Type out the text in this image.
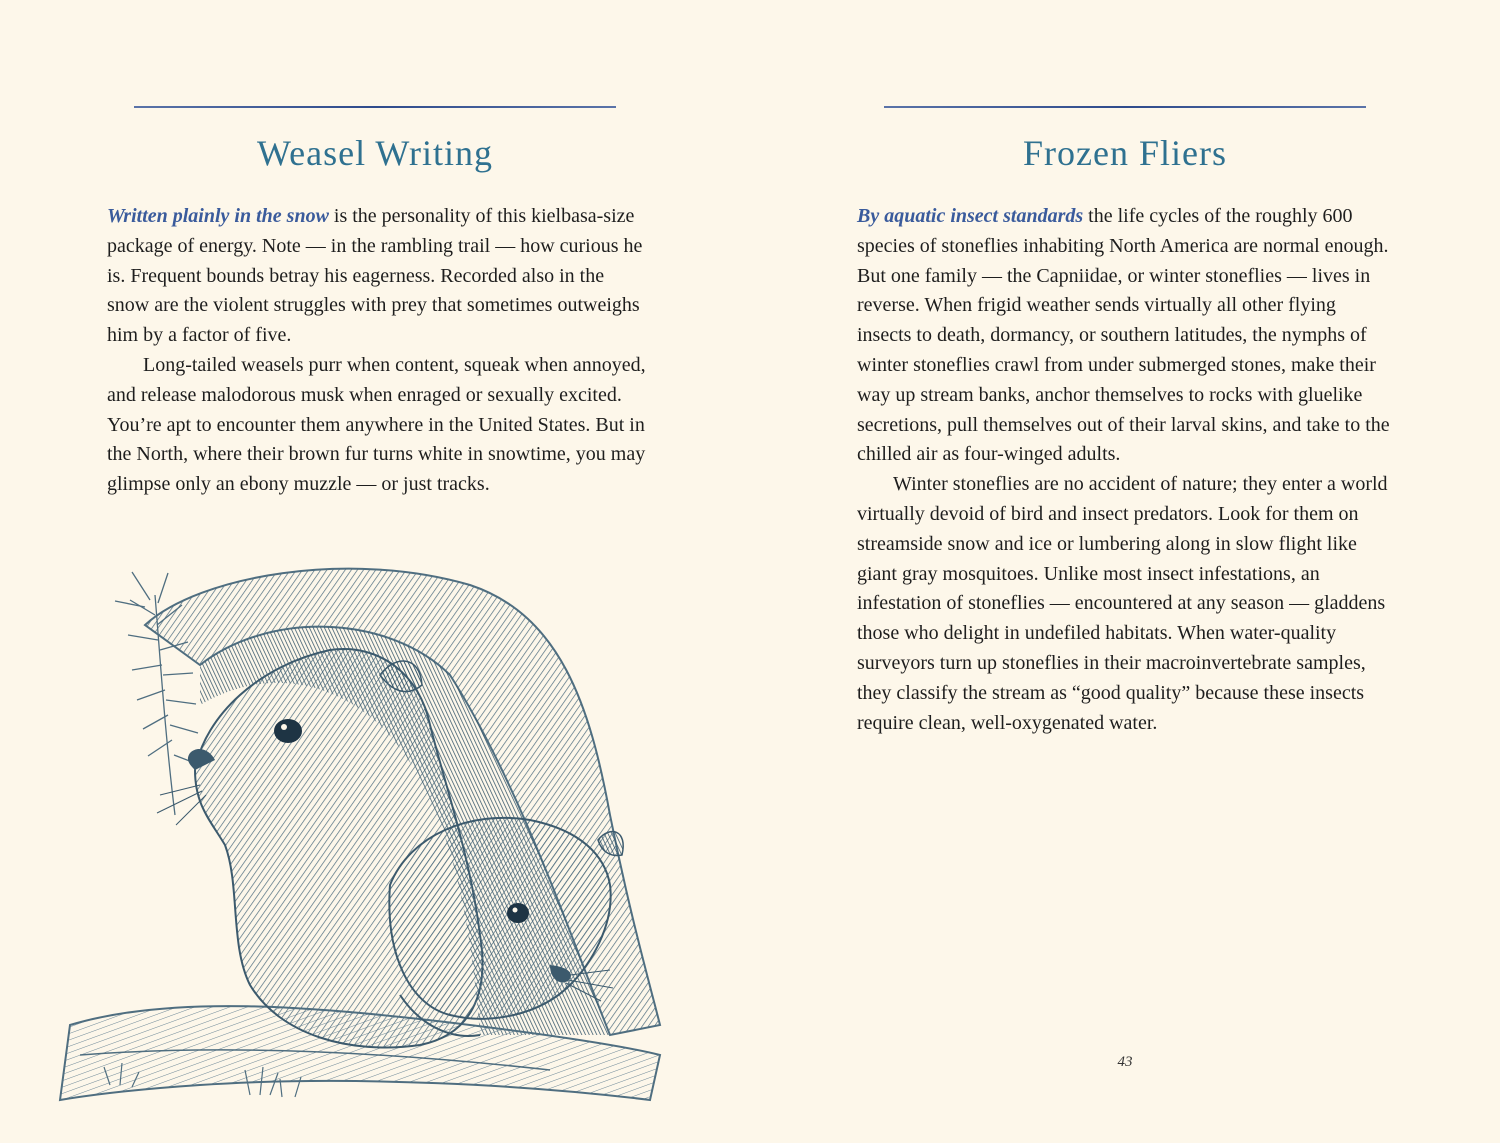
Weasel Writing

Written plainly in the snow is the personality of this kielbasa-size package of energy. Note — in the rambling trail — how curious he is. Frequent bounds betray his eagerness. Recorded also in the snow are the violent struggles with prey that sometimes outweighs him by a factor of five.

Long-tailed weasels purr when content, squeak when annoyed, and release malodorous musk when enraged or sexually excited. You’re apt to encounter them anywhere in the United States. But in the North, where their brown fur turns white in snowtime, you may glimpse only an ebony muzzle — or just tracks.

Frozen Fliers

By aquatic insect standards the life cycles of the roughly 600 species of stoneflies inhabiting North America are normal enough. But one family — the Capniidae, or winter stoneflies — lives in reverse. When frigid weather sends virtually all other flying insects to death, dormancy, or southern latitudes, the nymphs of winter stoneflies crawl from under submerged stones, make their way up stream banks, anchor themselves to rocks with gluelike secretions, pull themselves out of their larval skins, and take to the chilled air as four-winged adults.

Winter stoneflies are no accident of nature; they enter a world virtually devoid of bird and insect predators. Look for them on streamside snow and ice or lumbering along in slow flight like giant gray mosquitoes. Unlike most insect infestations, an infestation of stoneflies — encountered at any season — gladdens those who delight in undefiled habitats. When water-quality surveyors turn up stoneflies in their macroinvertebrate samples, they classify the stream as “good quality” because these insects require clean, well-oxygenated water.

43
